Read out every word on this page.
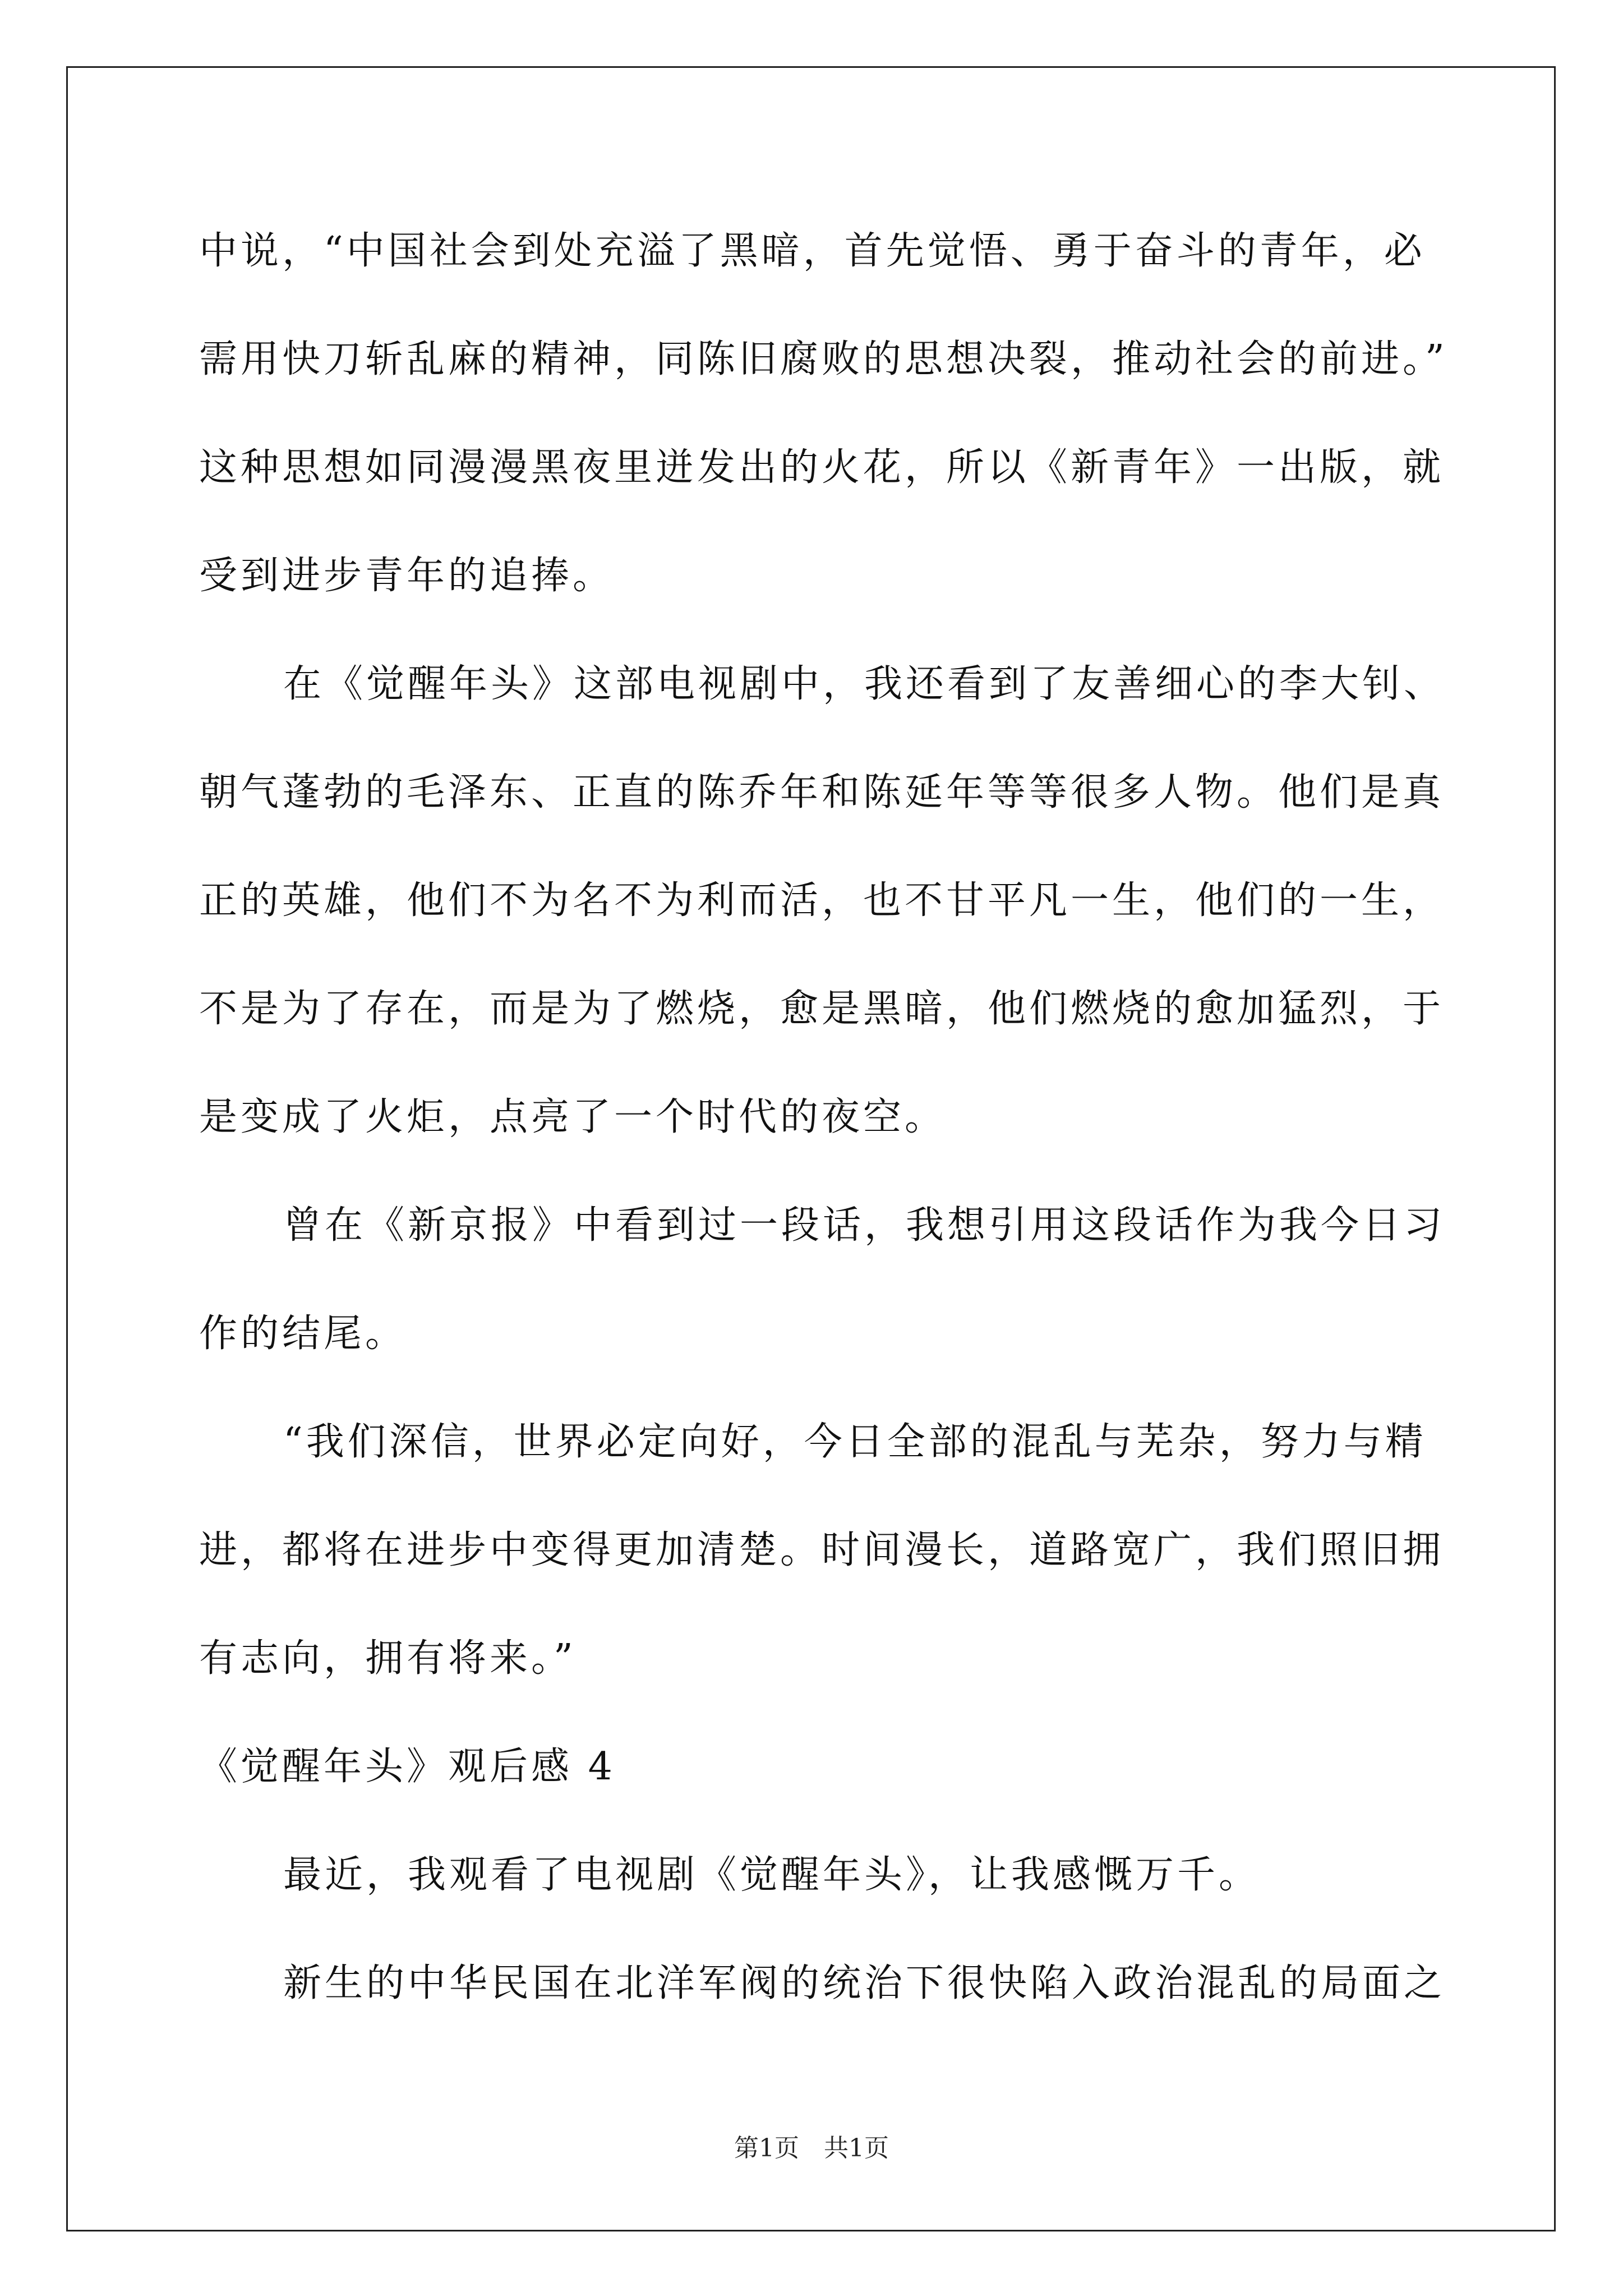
中说，“中国社会到处充溢了黑暗，首先觉悟、勇于奋斗的青年，必
需用快刀斩乱麻的精神，同陈旧腐败的思想决裂，推动社会的前进。”
这种思想如同漫漫黑夜里迸发出的火花，所以《新青年》一出版，就
受到进步青年的追捧。
在《觉醒年头》这部电视剧中，我还看到了友善细心的李大钊、
朝气蓬勃的毛泽东、正直的陈乔年和陈延年等等很多人物。他们是真
正的英雄，他们不为名不为利而活，也不甘平凡一生，他们的一生，
不是为了存在，而是为了燃烧，愈是黑暗，他们燃烧的愈加猛烈，于
是变成了火炬，点亮了一个时代的夜空。
曾在《新京报》中看到过一段话，我想引用这段话作为我今日习
作的结尾。
“我们深信，世界必定向好，今日全部的混乱与芜杂，努力与精
进，都将在进步中变得更加清楚。时间漫长，道路宽广，我们照旧拥
有志向，拥有将来。”
《觉醒年头》观后感 4
最近，我观看了电视剧《觉醒年头》，让我感慨万千。
新生的中华民国在北洋军阀的统治下很快陷入政治混乱的局面之
第1页　共1页
